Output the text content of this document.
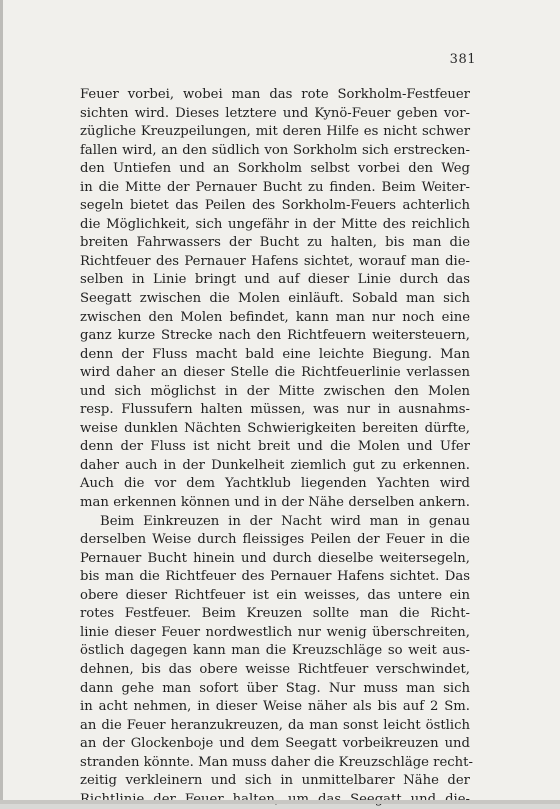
381
Feuer vorbei, wobei man das rote Sorkholm-Festfeuer
sichten wird. Dieses letztere und Kynö-Feuer geben vor-
zügliche Kreuzpeilungen, mit deren Hilfe es nicht schwer
fallen wird, an den südlich von Sorkholm sich erstrecken-
den Untiefen und an Sorkholm selbst vorbei den Weg
in die Mitte der Pernauer Bucht zu finden. Beim Weiter-
segeln bietet das Peilen des Sorkholm-Feuers achterlich
die Möglichkeit, sich ungefähr in der Mitte des reichlich
breiten Fahrwassers der Bucht zu halten, bis man die
Richtfeuer des Pernauer Hafens sichtet, worauf man die-
selben in Linie bringt und auf dieser Linie durch das
Seegatt zwischen die Molen einläuft. Sobald man sich
zwischen den Molen befindet, kann man nur noch eine
ganz kurze Strecke nach den Richtfeuern weitersteuern,
denn der Fluss macht bald eine leichte Biegung. Man
wird daher an dieser Stelle die Richtfeuerlinie verlassen
und sich möglichst in der Mitte zwischen den Molen
resp. Flussufern halten müssen, was nur in ausnahms-
weise dunklen Nächten Schwierigkeiten bereiten dürfte,
denn der Fluss ist nicht breit und die Molen und Ufer
daher auch in der Dunkelheit ziemlich gut zu erkennen.
Auch die vor dem Yachtklub liegenden Yachten wird
man erkennen können und in der Nähe derselben ankern.
Beim Einkreuzen in der Nacht wird man in genau
derselben Weise durch fleissiges Peilen der Feuer in die
Pernauer Bucht hinein und durch dieselbe weitersegeln,
bis man die Richtfeuer des Pernauer Hafens sichtet. Das
obere dieser Richtfeuer ist ein weisses, das untere ein
rotes Festfeuer. Beim Kreuzen sollte man die Richt-
linie dieser Feuer nordwestlich nur wenig überschreiten,
östlich dagegen kann man die Kreuzschläge so weit aus-
dehnen, bis das obere weisse Richtfeuer verschwindet,
dann gehe man sofort über Stag. Nur muss man sich
in acht nehmen, in dieser Weise näher als bis auf 2 Sm.
an die Feuer heranzukreuzen, da man sonst leicht östlich
an der Glockenboje und dem Seegatt vorbeikreuzen und
stranden könnte. Man muss daher die Kreuzschläge recht-
zeitig verkleinern und sich in unmittelbarer Nähe der
